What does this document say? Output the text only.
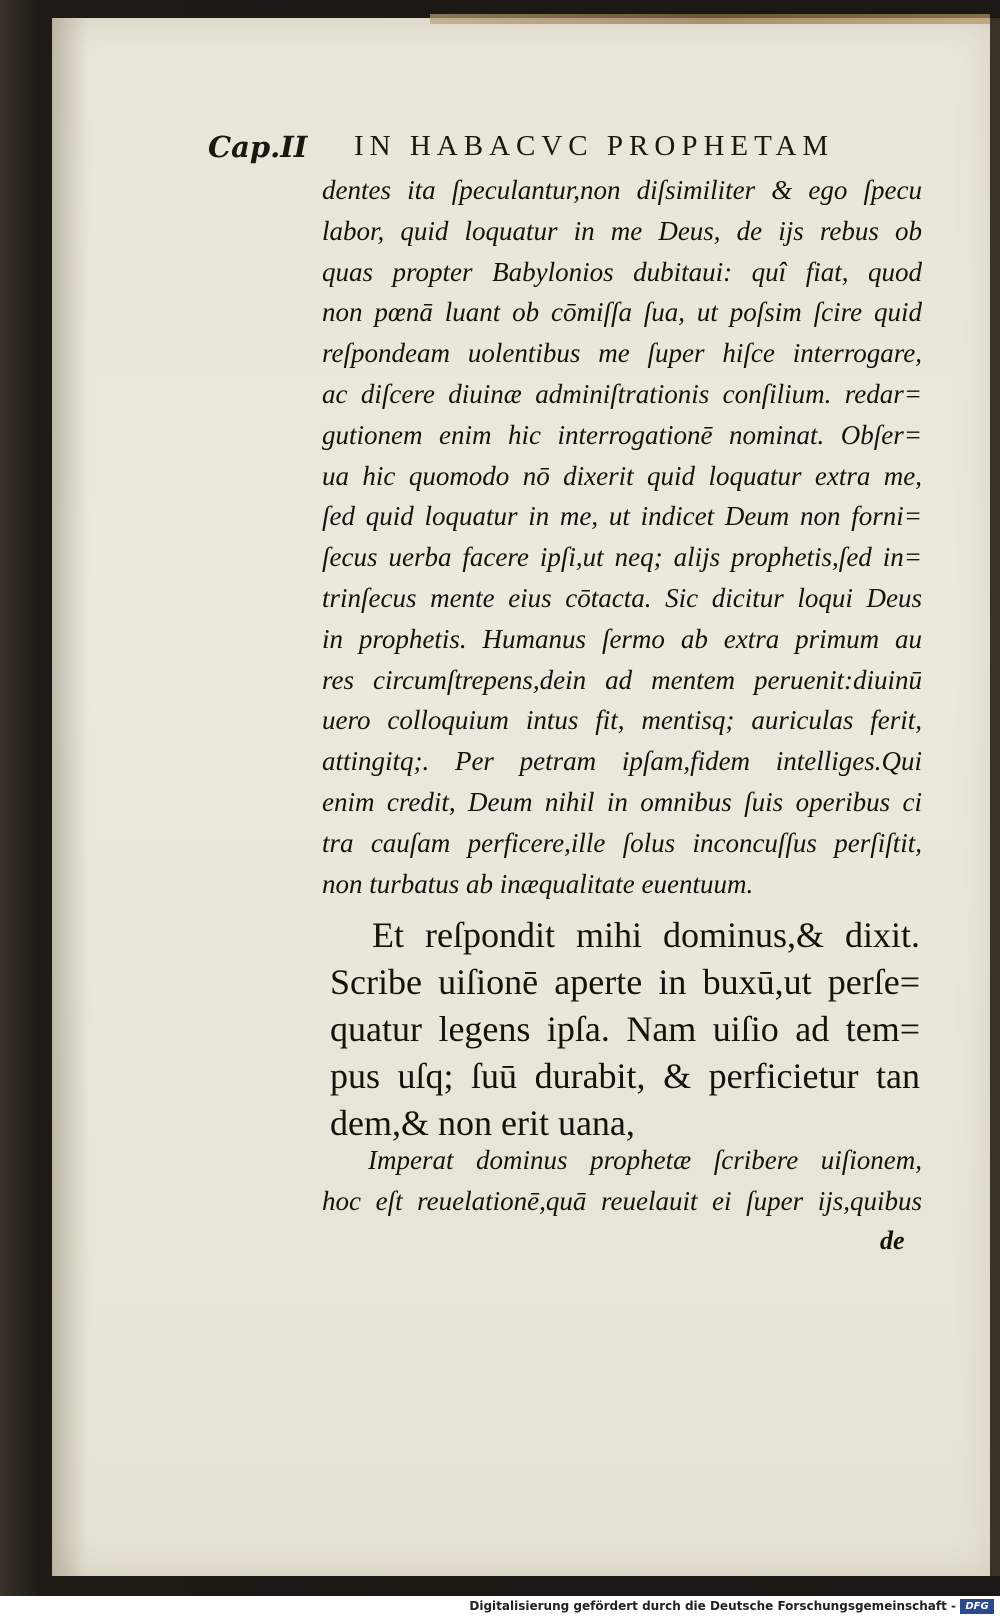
Cap.II IN HABACVC PROPHETAM
dentes ita ſpeculantur,non diſsimiliter & ego ſpecu
labor, quid loquatur in me Deus, de ijs rebus ob
quas propter Babylonios dubitaui: quî fiat, quod
non pœnā luant ob cōmiſſa ſua, ut poſsim ſcire quid
reſpondeam uolentibus me ſuper hiſce interrogare,
ac diſcere diuinæ adminiſtrationis conſilium. redar=
gutionem enim hic interrogationē nominat. Obſer=
ua hic quomodo nō dixerit quid loquatur extra me,
ſed quid loquatur in me, ut indicet Deum non forni=
ſecus uerba facere ipſi,ut neq; alijs prophetis,ſed in=
trinſecus mente eius cōtacta. Sic dicitur loqui Deus
in prophetis. Humanus ſermo ab extra primum au
res circumſtrepens,dein ad mentem peruenit:diuinū
uero colloquium intus fit, mentisq; auriculas ferit,
attingitq;. Per petram ipſam,fidem intelliges.Qui
enim credit, Deum nihil in omnibus ſuis operibus ci
tra cauſam perficere,ille ſolus inconcuſſus perſiſtit,
non turbatus ab inæqualitate euentuum.
Et reſpondit mihi dominus,& dixit.
Scribe uiſionē aperte in buxū,ut perſe=
quatur legens ipſa. Nam uiſio ad tem=
pus uſq; ſuū durabit, & perficietur tan
dem,& non erit uana,
Imperat dominus prophetæ ſcribere uiſionem,
hoc eſt reuelationē,quā reuelauit ei ſuper ijs,quibus
de
Digitalisierung gefördert durch die Deutsche Forschungsgemeinschaft - DFG
